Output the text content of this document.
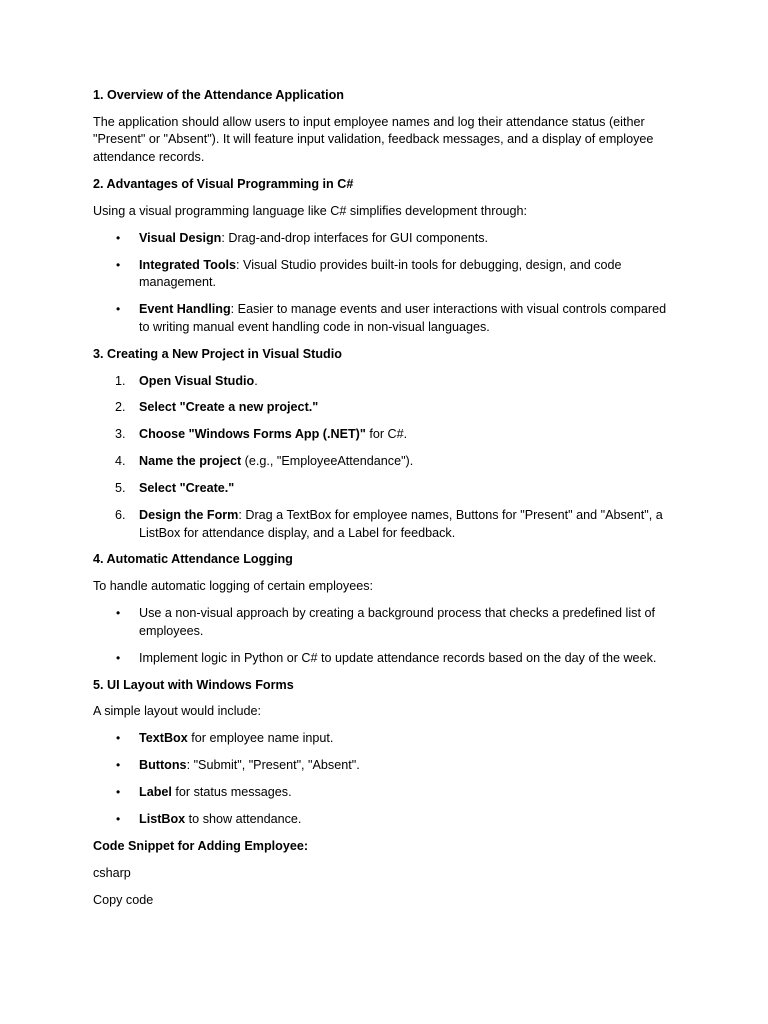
1. Overview of the Attendance Application

The application should allow users to input employee names and log their attendance status (either "Present" or "Absent"). It will feature input validation, feedback messages, and a display of employee attendance records.

2. Advantages of Visual Programming in C#

Using a visual programming language like C# simplifies development through:

• Visual Design: Drag-and-drop interfaces for GUI components.
• Integrated Tools: Visual Studio provides built-in tools for debugging, design, and code management.
• Event Handling: Easier to manage events and user interactions with visual controls compared to writing manual event handling code in non-visual languages.

3. Creating a New Project in Visual Studio

1. Open Visual Studio.
2. Select "Create a new project."
3. Choose "Windows Forms App (.NET)" for C#.
4. Name the project (e.g., "EmployeeAttendance").
5. Select "Create."
6. Design the Form: Drag a TextBox for employee names, Buttons for "Present" and "Absent", a ListBox for attendance display, and a Label for feedback.

4. Automatic Attendance Logging

To handle automatic logging of certain employees:

• Use a non-visual approach by creating a background process that checks a predefined list of employees.
• Implement logic in Python or C# to update attendance records based on the day of the week.

5. UI Layout with Windows Forms

A simple layout would include:

• TextBox for employee name input.
• Buttons: "Submit", "Present", "Absent".
• Label for status messages.
• ListBox to show attendance.

Code Snippet for Adding Employee:

csharp

Copy code
